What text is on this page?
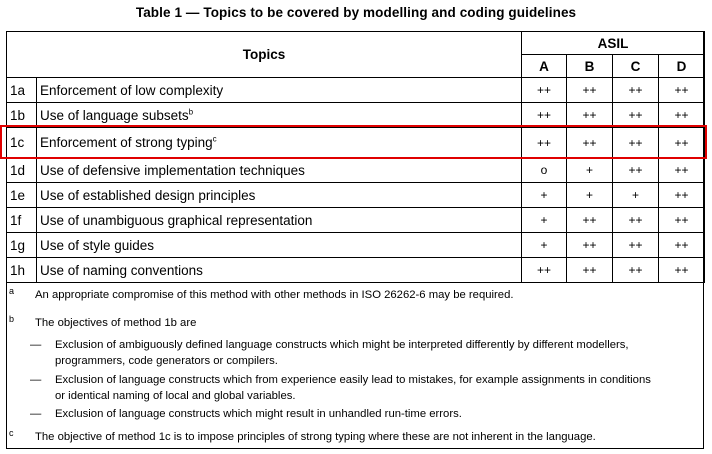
Table 1 — Topics to be covered by modelling and coding guidelines
Topics		ASIL			
		A	B	C	D
1a	Enforcement of low complexity	++	++	++	++
1b	Use of language subsets$^b$	++	++	++	++
1c	Enforcement of strong typing$^c$	++	++	++	++
1d	Use of defensive implementation techniques	o	+	++	++
1e	Use of established design principles	+	+	+	++
1f	Use of unambiguous graphical representation	+	++	++	++
1g	Use of style guides	+	++	++	++
1h	Use of naming conventions	++	++	++	++
a An appropriate compromise of this method with other methods in ISO 26262-6 may be required.
b The objectives of method 1b are
— Exclusion of ambiguously defined language constructs which might be interpreted differently by different modellers,
programmers, code generators or compilers.
— Exclusion of language constructs which from experience easily lead to mistakes, for example assignments in conditions
or identical naming of local and global variables.
— Exclusion of language constructs which might result in unhandled run-time errors.
c The objective of method 1c is to impose principles of strong typing where these are not inherent in the language.
